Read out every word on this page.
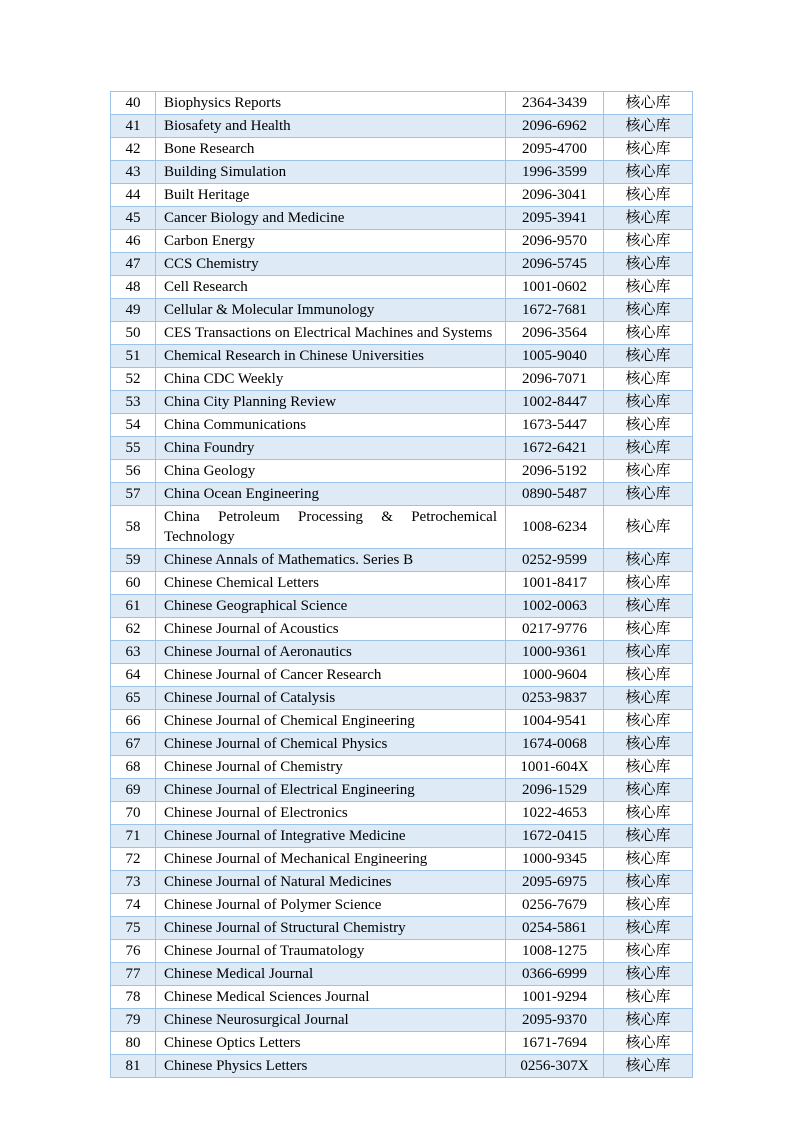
40	Biophysics Reports	2364-3439	核心库
41	Biosafety and Health	2096-6962	核心库
42	Bone Research	2095-4700	核心库
43	Building Simulation	1996-3599	核心库
44	Built Heritage	2096-3041	核心库
45	Cancer Biology and Medicine	2095-3941	核心库
46	Carbon Energy	2096-9570	核心库
47	CCS Chemistry	2096-5745	核心库
48	Cell Research	1001-0602	核心库
49	Cellular & Molecular Immunology	1672-7681	核心库
50	CES Transactions on Electrical Machines and Systems	2096-3564	核心库
51	Chemical Research in Chinese Universities	1005-9040	核心库
52	China CDC Weekly	2096-7071	核心库
53	China City Planning Review	1002-8447	核心库
54	China Communications	1673-5447	核心库
55	China Foundry	1672-6421	核心库
56	China Geology	2096-5192	核心库
57	China Ocean Engineering	0890-5487	核心库
58	China Petroleum Processing & Petrochemical Technology	1008-6234	核心库
59	Chinese Annals of Mathematics. Series B	0252-9599	核心库
60	Chinese Chemical Letters	1001-8417	核心库
61	Chinese Geographical Science	1002-0063	核心库
62	Chinese Journal of Acoustics	0217-9776	核心库
63	Chinese Journal of Aeronautics	1000-9361	核心库
64	Chinese Journal of Cancer Research	1000-9604	核心库
65	Chinese Journal of Catalysis	0253-9837	核心库
66	Chinese Journal of Chemical Engineering	1004-9541	核心库
67	Chinese Journal of Chemical Physics	1674-0068	核心库
68	Chinese Journal of Chemistry	1001-604X	核心库
69	Chinese Journal of Electrical Engineering	2096-1529	核心库
70	Chinese Journal of Electronics	1022-4653	核心库
71	Chinese Journal of Integrative Medicine	1672-0415	核心库
72	Chinese Journal of Mechanical Engineering	1000-9345	核心库
73	Chinese Journal of Natural Medicines	2095-6975	核心库
74	Chinese Journal of Polymer Science	0256-7679	核心库
75	Chinese Journal of Structural Chemistry	0254-5861	核心库
76	Chinese Journal of Traumatology	1008-1275	核心库
77	Chinese Medical Journal	0366-6999	核心库
78	Chinese Medical Sciences Journal	1001-9294	核心库
79	Chinese Neurosurgical Journal	2095-9370	核心库
80	Chinese Optics Letters	1671-7694	核心库
81	Chinese Physics Letters	0256-307X	核心库
